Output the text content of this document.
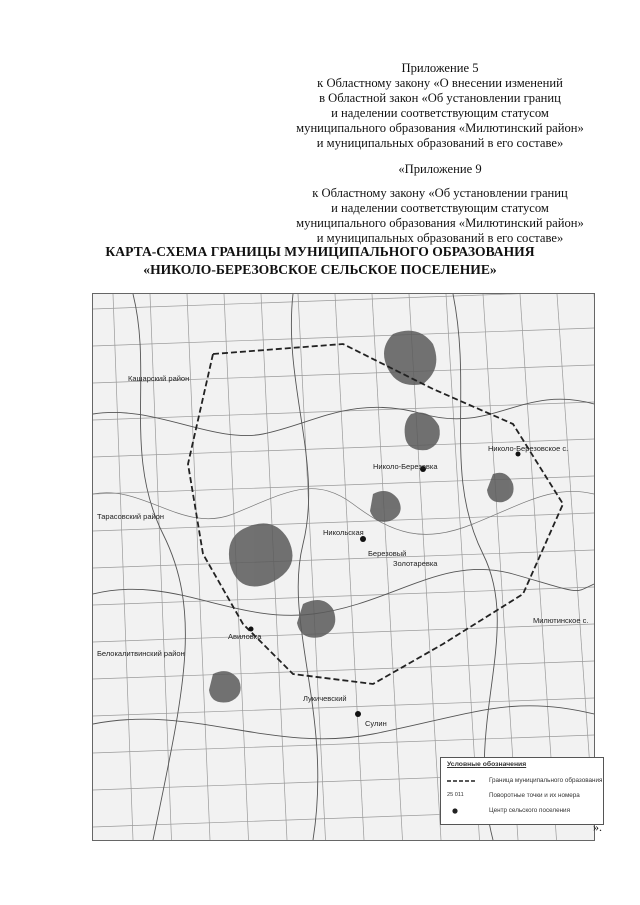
Приложение 5
к Областному закону «О внесении изменений
в Областной закон «Об установлении границ
и наделении соответствующим статусом
муниципального образования «Милютинский район»
и муниципальных образований в его составе»
«Приложение 9
к Областному закону «Об установлении границ
и наделении соответствующим статусом
муниципального образования «Милютинский район»
и муниципальных образований в его составе»
КАРТА-СХЕМА ГРАНИЦЫ МУНИЦИПАЛЬНОГО ОБРАЗОВАНИЯ
«НИКОЛО-БЕРЕЗОВСКОЕ СЕЛЬСКОЕ ПОСЕЛЕНИЕ»
Кашарский район
Тарасовский район
Белокалитвинский район
Милютинское с.
Николо-Березовка
Никольская
Авиловка
Березовый
Сулин
Золотаревка
Лукичевский
Николо-Березовское с.
Условные обозначения
Граница муниципального образования
25 011	Поворотные точки и их номера
Центр сельского поселения
».
